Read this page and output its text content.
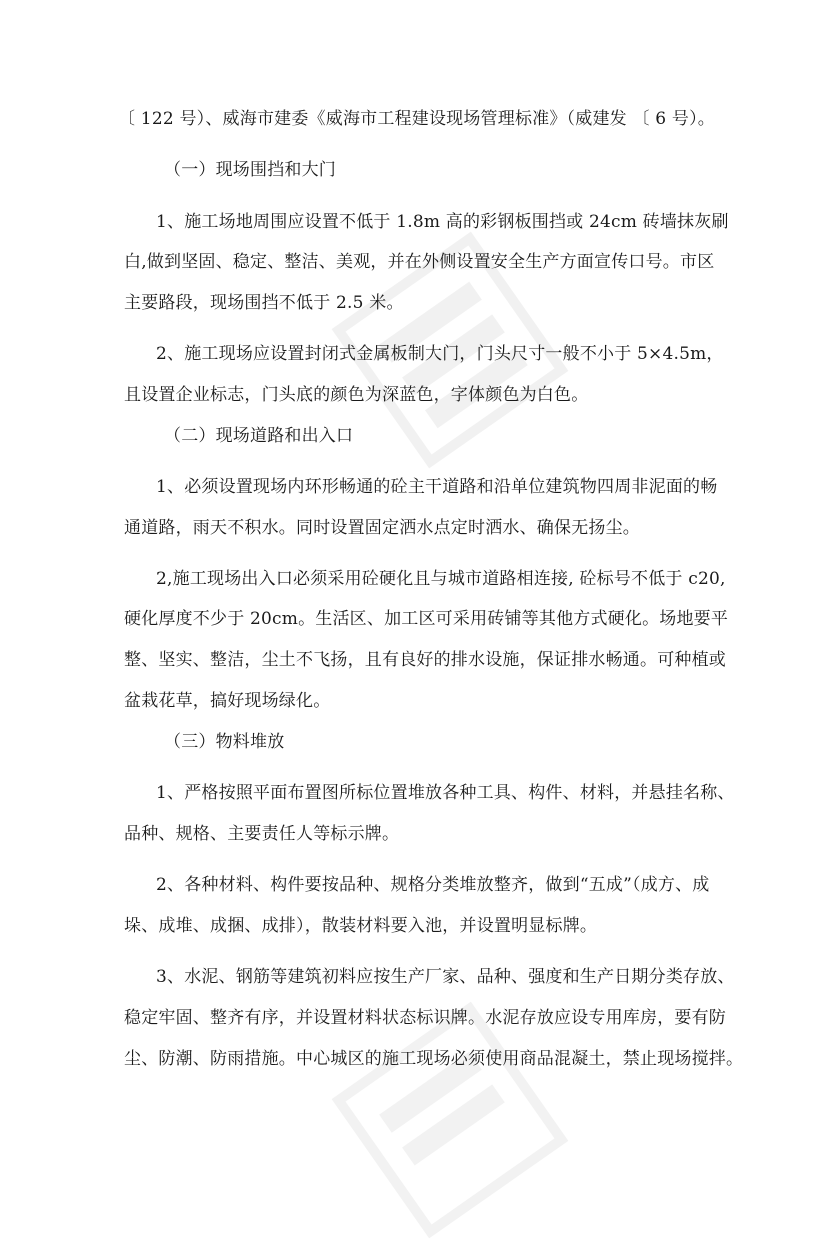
〔 122 号）、威海市建委《威海市工程建设现场管理标准》（威建发 〔 6 号）。
（一）现场围挡和大门
1、施工场地周围应设置不低于 1.8m 高的彩钢板围挡或 24cm 砖墙抹灰刷
白,做到坚固、稳定、整洁、美观，并在外侧设置安全生产方面宣传口号。市区
主要路段，现场围挡不低于 2.5 米。
2、施工现场应设置封闭式金属板制大门，门头尺寸一般不小于 5×4.5m，
且设置企业标志，门头底的颜色为深蓝色，字体颜色为白色。
（二）现场道路和出入口
1、必须设置现场内环形畅通的砼主干道路和沿单位建筑物四周非泥面的畅
通道路，雨天不积水。同时设置固定洒水点定时洒水、确保无扬尘。
2,施工现场出入口必须采用砼硬化且与城市道路相连接, 砼标号不低于 c20,
硬化厚度不少于 20cm。生活区、加工区可采用砖铺等其他方式硬化。场地要平
整、坚实、整洁，尘土不飞扬，且有良好的排水设施，保证排水畅通。可种植或
盆栽花草，搞好现场绿化。
（三）物料堆放
1、严格按照平面布置图所标位置堆放各种工具、构件、材料，并悬挂名称、
品种、规格、主要责任人等标示牌。
2、各种材料、构件要按品种、规格分类堆放整齐，做到“五成”（成方、成
垛、成堆、成捆、成排），散装材料要入池，并设置明显标牌。
3、水泥、钢筋等建筑初料应按生产厂家、品种、强度和生产日期分类存放、
稳定牢固、整齐有序，并设置材料状态标识牌。水泥存放应设专用库房，要有防
尘、防潮、防雨措施。中心城区的施工现场必须使用商品混凝土，禁止现场搅拌。
